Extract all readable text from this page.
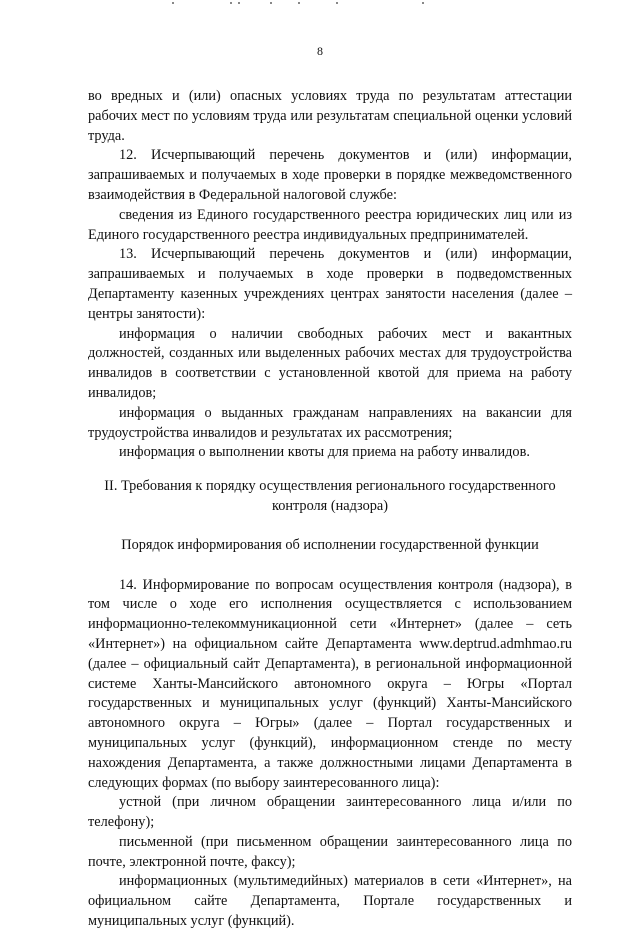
8

во вредных и (или) опасных условиях труда по результатам аттестации рабочих мест по условиям труда или результатам специальной оценки условий труда.

12. Исчерпывающий перечень документов и (или) информации, запрашиваемых и получаемых в ходе проверки в порядке межведомственного взаимодействия в Федеральной налоговой службе:

сведения из Единого государственного реестра юридических лиц или из Единого государственного реестра индивидуальных предпринимателей.

13. Исчерпывающий перечень документов и (или) информации, запрашиваемых и получаемых в ходе проверки в подведомственных Департаменту казенных учреждениях центрах занятости населения (далее – центры занятости):

информация о наличии свободных рабочих мест и вакантных должностей, созданных или выделенных рабочих местах для трудоустройства инвалидов в соответствии с установленной квотой для приема на работу инвалидов;

информация о выданных гражданам направлениях на вакансии для трудоустройства инвалидов и результатах их рассмотрения;

информация о выполнении квоты для приема на работу инвалидов.

II. Требования к порядку осуществления регионального государственного контроля (надзора)

Порядок информирования об исполнении государственной функции

14. Информирование по вопросам осуществления контроля (надзора), в том числе о ходе его исполнения осуществляется с использованием информационно-телекоммуникационной сети «Интернет» (далее – сеть «Интернет») на официальном сайте Департамента www.deptrud.admhmao.ru (далее – официальный сайт Департамента), в региональной информационной системе Ханты-Мансийского автономного округа – Югры «Портал государственных и муниципальных услуг (функций) Ханты-Мансийского автономного округа – Югры» (далее – Портал государственных и муниципальных услуг (функций), информационном стенде по месту нахождения Департамента, а также должностными лицами Департамента в следующих формах (по выбору заинтересованного лица):

устной (при личном обращении заинтересованного лица и/или по телефону);

письменной (при письменном обращении заинтересованного лица по почте, электронной почте, факсу);

информационных (мультимедийных) материалов в сети «Интернет», на официальном сайте Департамента, Портале государственных и муниципальных услуг (функций).
